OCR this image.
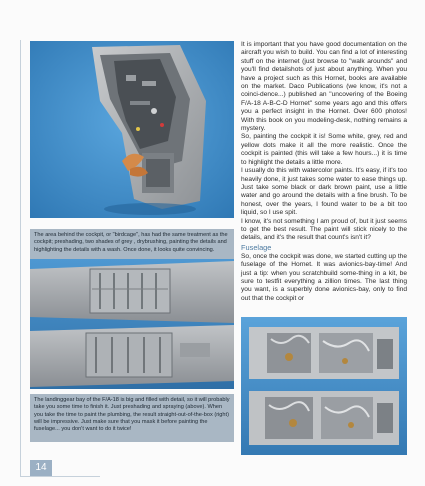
The area behind the cockpit, or "birdcage", has had the same treatment as the cockpit; preshading, two shades of grey , drybrushing, painting the details and highlighting the details with a wash. Once done, it looks quite convincing.
The landinggear bay of the F/A-18 is big and filled with detail, so it will probably take you some time to finish it. Just preshading and spraying (above). When you take the time to paint the plumbing, the result straight-out-of-the-box (right) will be impressive. Just make sure that you mask it before painting the fuselage... you don't want to do it twice!

It is important that you have good documentation on the aircraft you wish to build. You can find a lot of interesting stuff on the internet (just browse to "walk arounds" and you'll find detailshots of just about anything. When you have a project such as this Hornet, books are available on the market. Daco Publications (we know, it's not a coinci-dence...) published an "uncovering of the Boeing F/A-18 A-B-C-D Hornet" some years ago and this offers you a perfect insight in the Hornet. Over 600 photos! With this book on you modeling-desk, nothing remains a mystery.

So, painting the cockpit it is! Some white, grey, red and yellow dots make it all the more realistic. Once the cockpit is painted (this will take a few hours...) it is time to highlight the details a little more.

I usually do this with watercolor paints. It's easy, if it's too heavily done, it just takes some water to ease things up. Just take some black or dark brown paint, use a little water and go around the details with a fine brush. To be honest, over the years, I found water to be a bit too liquid, so I use spit.

I know, it's not something I am proud of, but it just seems to get the best result. The paint will stick nicely to the details, and it's the result that count's isn't it?

Fuselage

So, once the cockpit was done, we started cutting up the fuselage of the Hornet. It was avionics-bay-time! And just a tip: when you scratchbuild some-thing in a kit, be sure to testfit everything a zillion times. The last thing you want, is a superbly done avionics-bay, only to find out that the cockpit or

14
